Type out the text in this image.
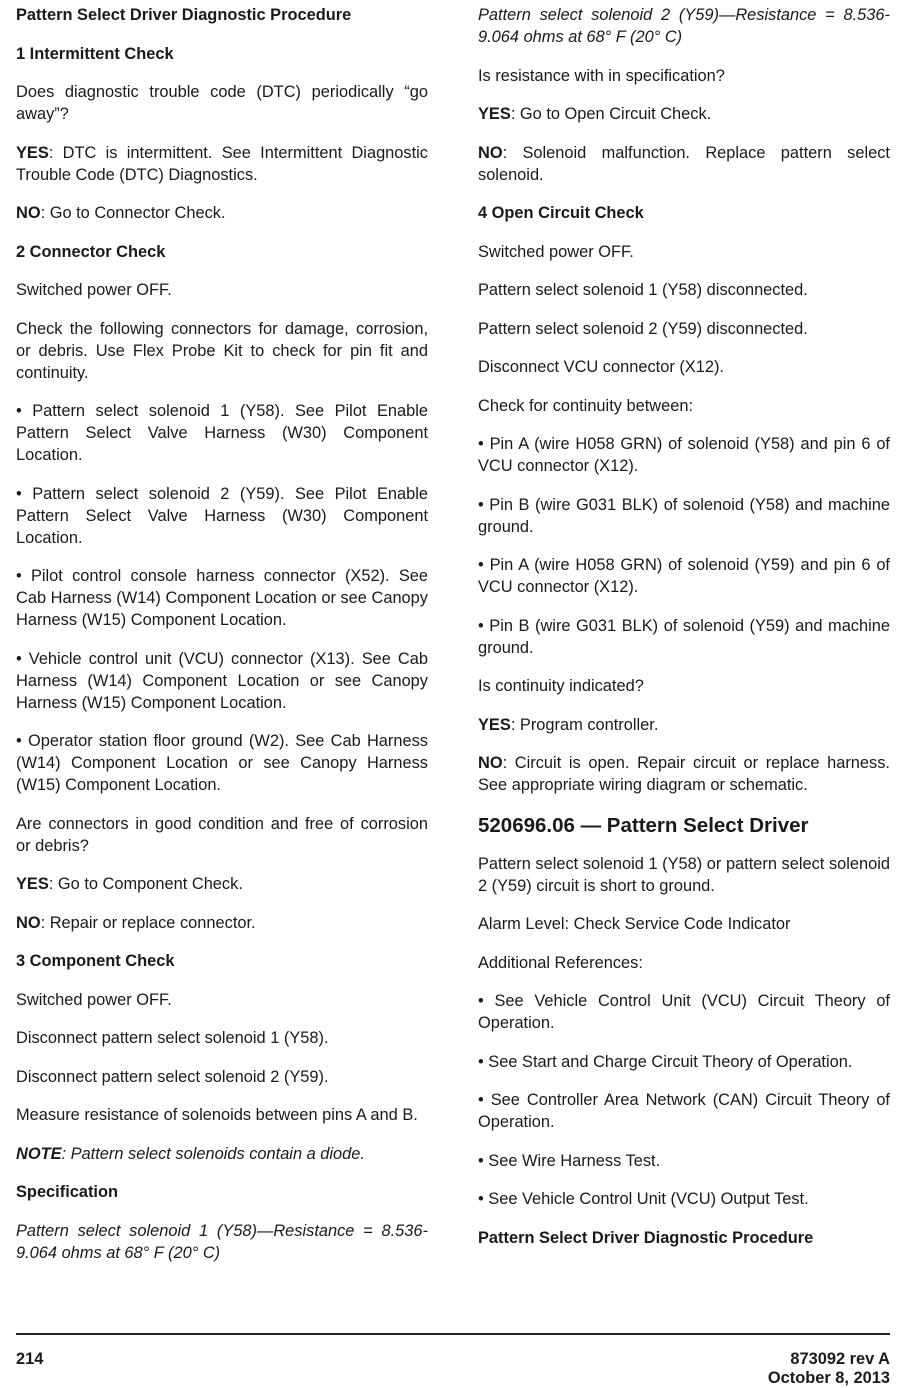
Pattern Select Driver Diagnostic Procedure
1 Intermittent Check
Does diagnostic trouble code (DTC) periodically “go away”?
YES: DTC is intermittent. See Intermittent Diagnostic Trouble Code (DTC) Diagnostics.
NO: Go to Connector Check.
2 Connector Check
Switched power OFF.
Check the following connectors for damage, corrosion, or debris. Use Flex Probe Kit to check for pin fit and continuity.
• Pattern select solenoid 1 (Y58). See Pilot Enable Pattern Select Valve Harness (W30) Component Location.
• Pattern select solenoid 2 (Y59). See Pilot Enable Pattern Select Valve Harness (W30) Component Location.
• Pilot control console harness connector (X52). See Cab Harness (W14) Component Location or see Canopy Harness (W15) Component Location.
• Vehicle control unit (VCU) connector (X13). See Cab Harness (W14) Component Location or see Canopy Harness (W15) Component Location.
• Operator station floor ground (W2). See Cab Harness (W14) Component Location or see Canopy Harness (W15) Component Location.
Are connectors in good condition and free of corrosion or debris?
YES: Go to Component Check.
NO: Repair or replace connector.
3 Component Check
Switched power OFF.
Disconnect pattern select solenoid 1 (Y58).
Disconnect pattern select solenoid 2 (Y59).
Measure resistance of solenoids between pins A and B.
NOTE: Pattern select solenoids contain a diode.
Specification
Pattern select solenoid 1 (Y58)—Resistance = 8.536-9.064 ohms at 68° F (20° C)
Pattern select solenoid 2 (Y59)—Resistance = 8.536-9.064 ohms at 68° F (20° C)
Is resistance with in specification?
YES: Go to Open Circuit Check.
NO: Solenoid malfunction. Replace pattern select solenoid.
4 Open Circuit Check
Switched power OFF.
Pattern select solenoid 1 (Y58) disconnected.
Pattern select solenoid 2 (Y59) disconnected.
Disconnect VCU connector (X12).
Check for continuity between:
• Pin A (wire H058 GRN) of solenoid (Y58) and pin 6 of VCU connector (X12).
• Pin B (wire G031 BLK) of solenoid (Y58) and machine ground.
• Pin A (wire H058 GRN) of solenoid (Y59) and pin 6 of VCU connector (X12).
• Pin B (wire G031 BLK) of solenoid (Y59) and machine ground.
Is continuity indicated?
YES: Program controller.
NO: Circuit is open. Repair circuit or replace harness. See appropriate wiring diagram or schematic.
520696.06 — Pattern Select Driver
Pattern select solenoid 1 (Y58) or pattern select solenoid 2 (Y59) circuit is short to ground.
Alarm Level: Check Service Code Indicator
Additional References:
• See Vehicle Control Unit (VCU) Circuit Theory of Operation.
• See Start and Charge Circuit Theory of Operation.
• See Controller Area Network (CAN) Circuit Theory of Operation.
• See Wire Harness Test.
• See Vehicle Control Unit (VCU) Output Test.
Pattern Select Driver Diagnostic Procedure
214	873092 rev A
October 8, 2013
